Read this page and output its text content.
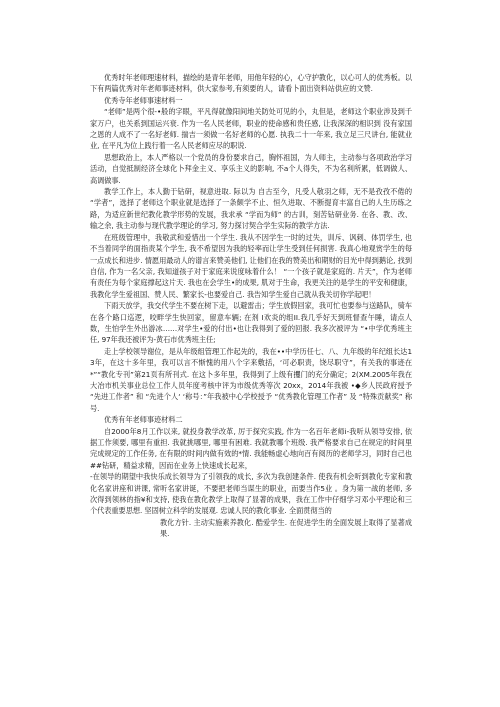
优秀时年老师理速材料，描绘的是青年老师，用他年轻的心，心守护教化，以心可人的优秀板。以下有两篇优秀对年老师事迹材料，供大家参考,有须要的人，请看卜面出资料站供应的文赞.

优秀寺年老师事速材料一

“老师”是两个很-•般的字眼，平凡得就像阳间地关防处可见的小，丸但是，老师这个职业涉及到千家万户，也关系到国运兴衰. 作为一名人民老师，职业的使命感和贵任感, 让我深深的相识到 没有家国之恩的人成不了一名好老师. 揣吉一须做一名好老师的心愿. 执我二十一年来, 我立足三尺讲台, 能就业业, 在平凡为位上践行着一名人民老师应尽的职说.

思想政治上，本人严格以一个党员的身份要求自己，胸怀祖国，为人师主，主动参与各项政治学习活动，自觉抵制经济全球化卜拜金主义、享乐主义的影响, 不a个人得失，不为名利所累，低调做人、高调做事.

教学工作上，本人勤于钻研，视意进取. 际以为 自古至今，凡受人敬羽之师，无不是孜孜不倦的 “学者”，选择了老师这个职业就是选择了一条颇学不止、恒久进取、不断提育丰富自己的人生历练之路，为适应新世纪教化教学形势的发展，我求承 “学而为师” 的古训，刻苦钻研业务. 在各、教、改、输之余, 我主动参与现代教学理论的学习, 努力探讨契合学生实际的教学方法.

在班级管理中，我敬武和爱惜出一个学生. 我从不因学生一时的过失，训斥、讽刺、体罚学生, 也不当着同学的面指责某个学生, 我不希望因为我的轻率而让学生受到任何损害. 我真心地观赏学生的每一点成长和进步. 情愿用最动人的谱言来赞美他们, 让他们在我的赞美出和期财的目光中得到鹅论, 找到自信, 作为一名父亲, 我知道孩子对于家庭来说度咏着什么！ “一个孩子就是家庭的. 片天”，作为老师有责任为每个家庭撑起这片天. 我也在会学生•的成果, 肌对于生命，我更关注的是学生的平安和健康，我教化学生爱祖国、赞人民、繁家长-也要爱自己. 我告知学生爱自己就从我关切你学起吧！

下雨天放学，我交代学生不要在树下走，以避雷击；学生放假回家，我可忙也要参与送路队，骑车在各个路口巡逻，咬畔学生快回家，留意车辆; 在剂 Ⅰ欢炎的组II.我几乎好天到班督查午睡，请点人数，生怕学生外出游冰……对学生•爱的付出•也让我得到了爱的回报. 我多次被评为 “•中学优秀班主任, 97年我还被评为-黄石市优秀班主任;

走上学校领导谢位，是从年级组管理工作起先的，我在••中学历任七、八、九年级的年纪组长达13年，在这十多年里，我可以言不惭愧的用八个字来敷括，‘可必职责，饶尽职守”，有关我的事迹在*”“教化专刊”第21页有所刊式. 在这卜多年里，我得到了上级有攫门的充分确定；2(XM.2005年我在大冶市机关事业总位工作人员年度考核中评为市级优秀等次 20xx，2014年我被 •◆乡人民政府授予 “先进工作者” 和 “先进个人‘ ‘称号：”年我被中心学校授予 “优秀教化管理工作者” 及 “特殊贡献奖” 称号.

优秀有年老师事迹材料二

自2000年8月工作以来, 就投身教学改革, 厉于探究实践, 作为一名百年老师i-我听从领导安排, 依据工作须要, 哪里有重担. 我就挑哪里, 哪里有困难. 我就教哪个班级. 我严格要求自己在规定的时间里完成规定的工作任务, 在有限的时间内做有效的*情. 我能畅虚心地向百有阅历的老师学习，同时自己也##钻研，精益求精，因而在业务上快速成长起来，

-在领导的期望中我快乐成长领导为了引领我的成长, 多次为我创建条件. 使我有机会听到教化专家和教化名家讲座和讲课, 常听名家讲诞，不要把老师当谋生的职业，而要当作5业 。身为第一战的老师, 多次得到领林的指¥和支持, 使我在教化教学上取得了显著的成果，我在工作中仔细学习邓小平理论和三个代表重要思想. 坚固树立科学的发展观. 忠诚人民的教化事业. 全面贯彻当的

教化方针. 主动实施素养教化. 酷爱学生. 在促进学生的全面发展上取得了显著成果.
